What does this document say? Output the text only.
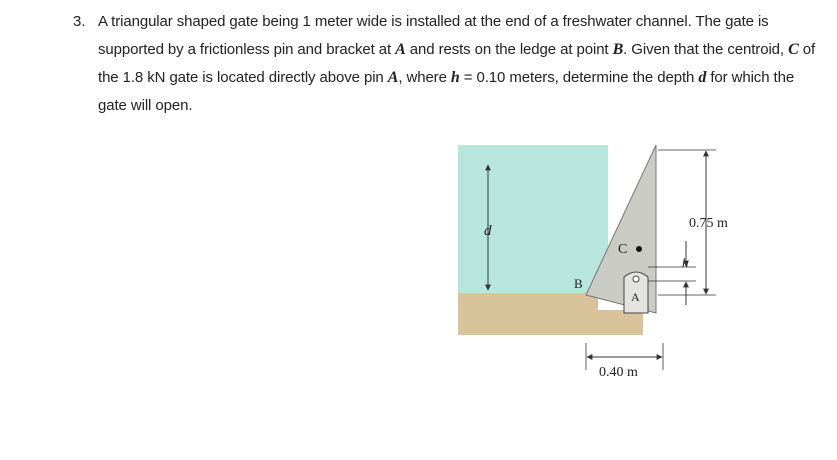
3. A triangular shaped gate being 1 meter wide is installed at the end of a freshwater channel. The gate is supported by a frictionless pin and bracket at A and rests on the ledge at point B. Given that the centroid, C of the 1.8 kN gate is located directly above pin A, where h = 0.10 meters, determine the depth d for which the gate will open.
d
C
B
A
h
0.75 m
0.40 m
